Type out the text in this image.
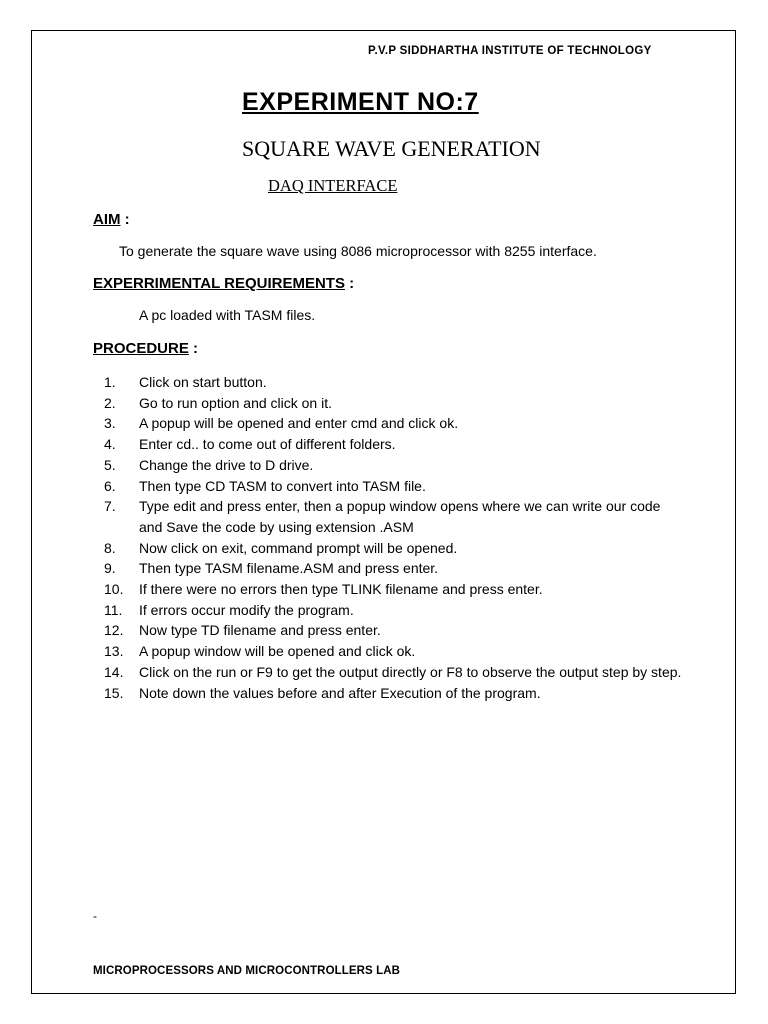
P.V.P SIDDHARTHA INSTITUTE OF TECHNOLOGY
EXPERIMENT NO:7
SQUARE WAVE GENERATION
DAQ INTERFACE
AIM :
To generate the square wave using 8086 microprocessor with 8255 interface.
EXPERRIMENTAL REQUIREMENTS :
A pc loaded with TASM files.
PROCEDURE :
1.	Click on start button.
2.	Go to run option and click on it.
3.	A popup will be opened and enter cmd and click ok.
4.	Enter cd.. to come out of different folders.
5.	Change the drive to D drive.
6.	Then type CD TASM to convert into TASM file.
7.	Type edit and press enter, then a popup window opens where we can write our code and Save the code by using extension .ASM
8.	Now click on exit, command prompt will be opened.
9.	Then type TASM filename.ASM and press enter.
10.	If there were no errors then type TLINK filename and press enter.
11.	If errors occur modify the program.
12.	Now type TD filename and press enter.
13.	A popup window will be opened and click ok.
14.	Click on the run or F9 to get the output directly or F8 to observe the output step by step.
15.	Note down the values before and after Execution of the program.
-
MICROPROCESSORS AND MICROCONTROLLERS LAB
